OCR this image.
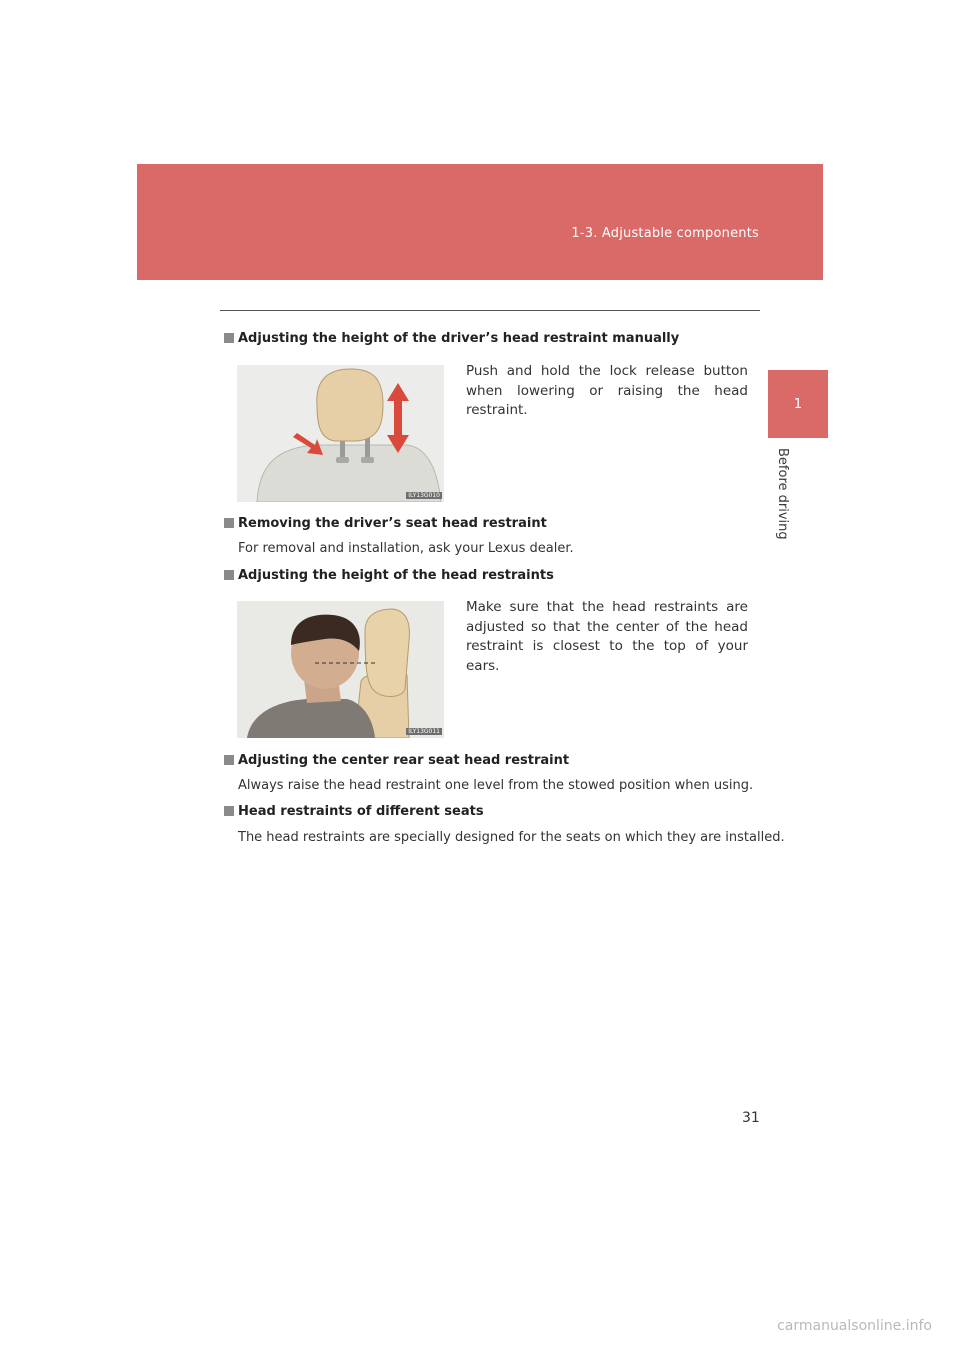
1-3. Adjustable components
1
Before driving
Adjusting the height of the driver’s head restraint manually
ILY13G010
Push and hold the lock release button when lowering or raising the head restraint.
Removing the driver’s seat head restraint
For removal and installation, ask your Lexus dealer.
Adjusting the height of the head restraints
ILY13G011
Make sure that the head restraints are adjusted so that the center of the head restraint is closest to the top of your ears.
Adjusting the center rear seat head restraint
Always raise the head restraint one level from the stowed position when using.
Head restraints of different seats
The head restraints are specially designed for the seats on which they are installed.
31
carmanualsonline.info
